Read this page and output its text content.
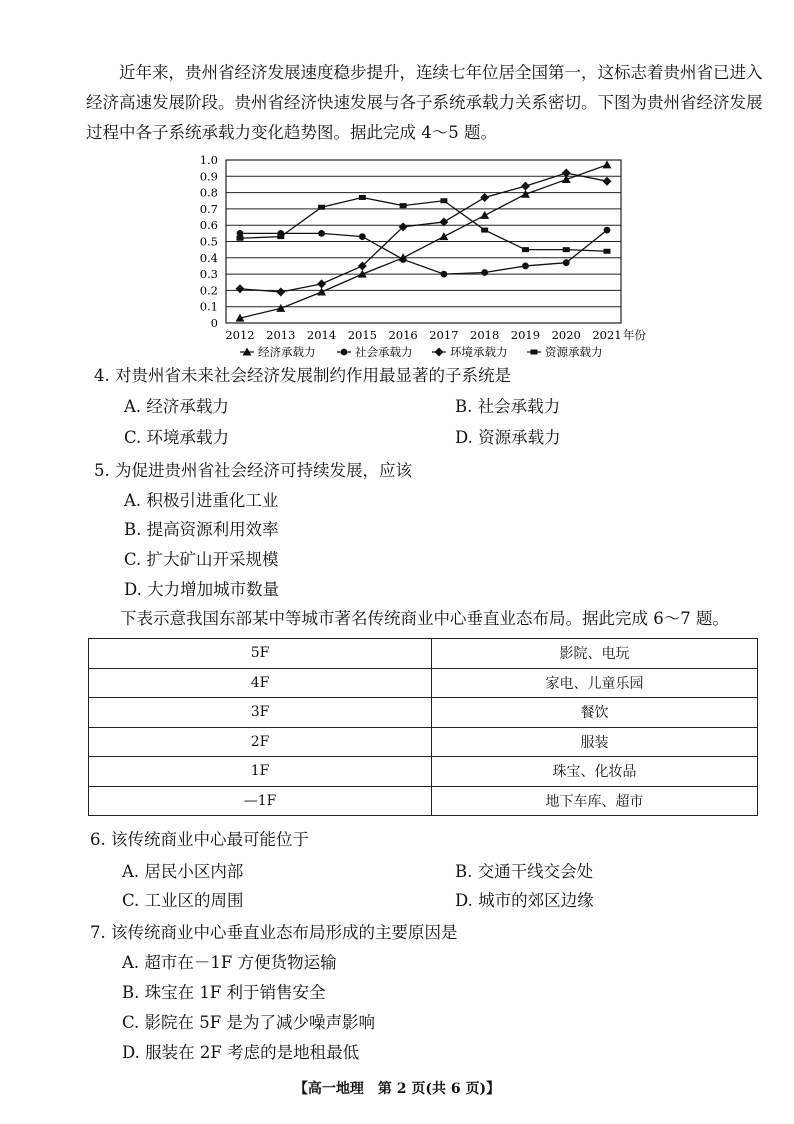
近年来，贵州省经济发展速度稳步提升，连续七年位居全国第一，这标志着贵州省已进入经济高速发展阶段。贵州省经济快速发展与各子系统承载力关系密切。下图为贵州省经济发展过程中各子系统承载力变化趋势图。据此完成 4～5 题。
0
0.1
0.2
0.3
0.4
0.5
0.6
0.7
0.8
0.9
1.0
2012 2013 2014 2015 2016 2017 2018 2019 2020 2021 年份
经济承载力	社会承载力	环境承载力	资源承载力
4. 对贵州省未来社会经济发展制约作用最显著的子系统是
A. 经济承载力	B. 社会承载力
C. 环境承载力	D. 资源承载力
5. 为促进贵州省社会经济可持续发展，应该
A. 积极引进重化工业
B. 提高资源利用效率
C. 扩大矿山开采规模
D. 大力增加城市数量
下表示意我国东部某中等城市著名传统商业中心垂直业态布局。据此完成 6～7 题。
5F	影院、电玩
4F	家电、儿童乐园
3F	餐饮
2F	服装
1F	珠宝、化妆品
—1F	地下车库、超市
6. 该传统商业中心最可能位于
A. 居民小区内部	B. 交通干线交会处
C. 工业区的周围	D. 城市的郊区边缘
7. 该传统商业中心垂直业态布局形成的主要原因是
A. 超市在－1F 方便货物运输
B. 珠宝在 1F 利于销售安全
C. 影院在 5F 是为了减少噪声影响
D. 服装在 2F 考虑的是地租最低
【高一地理　第 2 页(共 6 页)】
